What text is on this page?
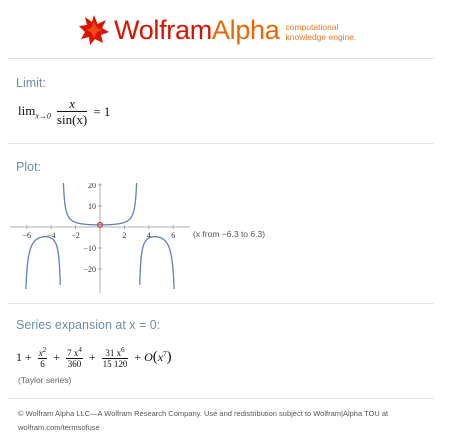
Wolfram Alpha computational
knowledge engine.
Limit:
$\lim_{x\to 0} \frac{x}{\sin(x)} = 1$
Plot:
−6 −4 −2	2	4	6
20
10
−10
−20
(x from −6.3 to 6.3)
Series expansion at x = 0:
$1 + \frac{x^2}{6} + \frac{7 x^4}{360} + \frac{31 x^6}{15 120} + O(x^7)$
(Taylor series)
© Wolfram Alpha LLC—A Wolfram Research Company. Use and redistribution subject to Wolfram|Alpha TOU at
wolfram.com/termsofuse
